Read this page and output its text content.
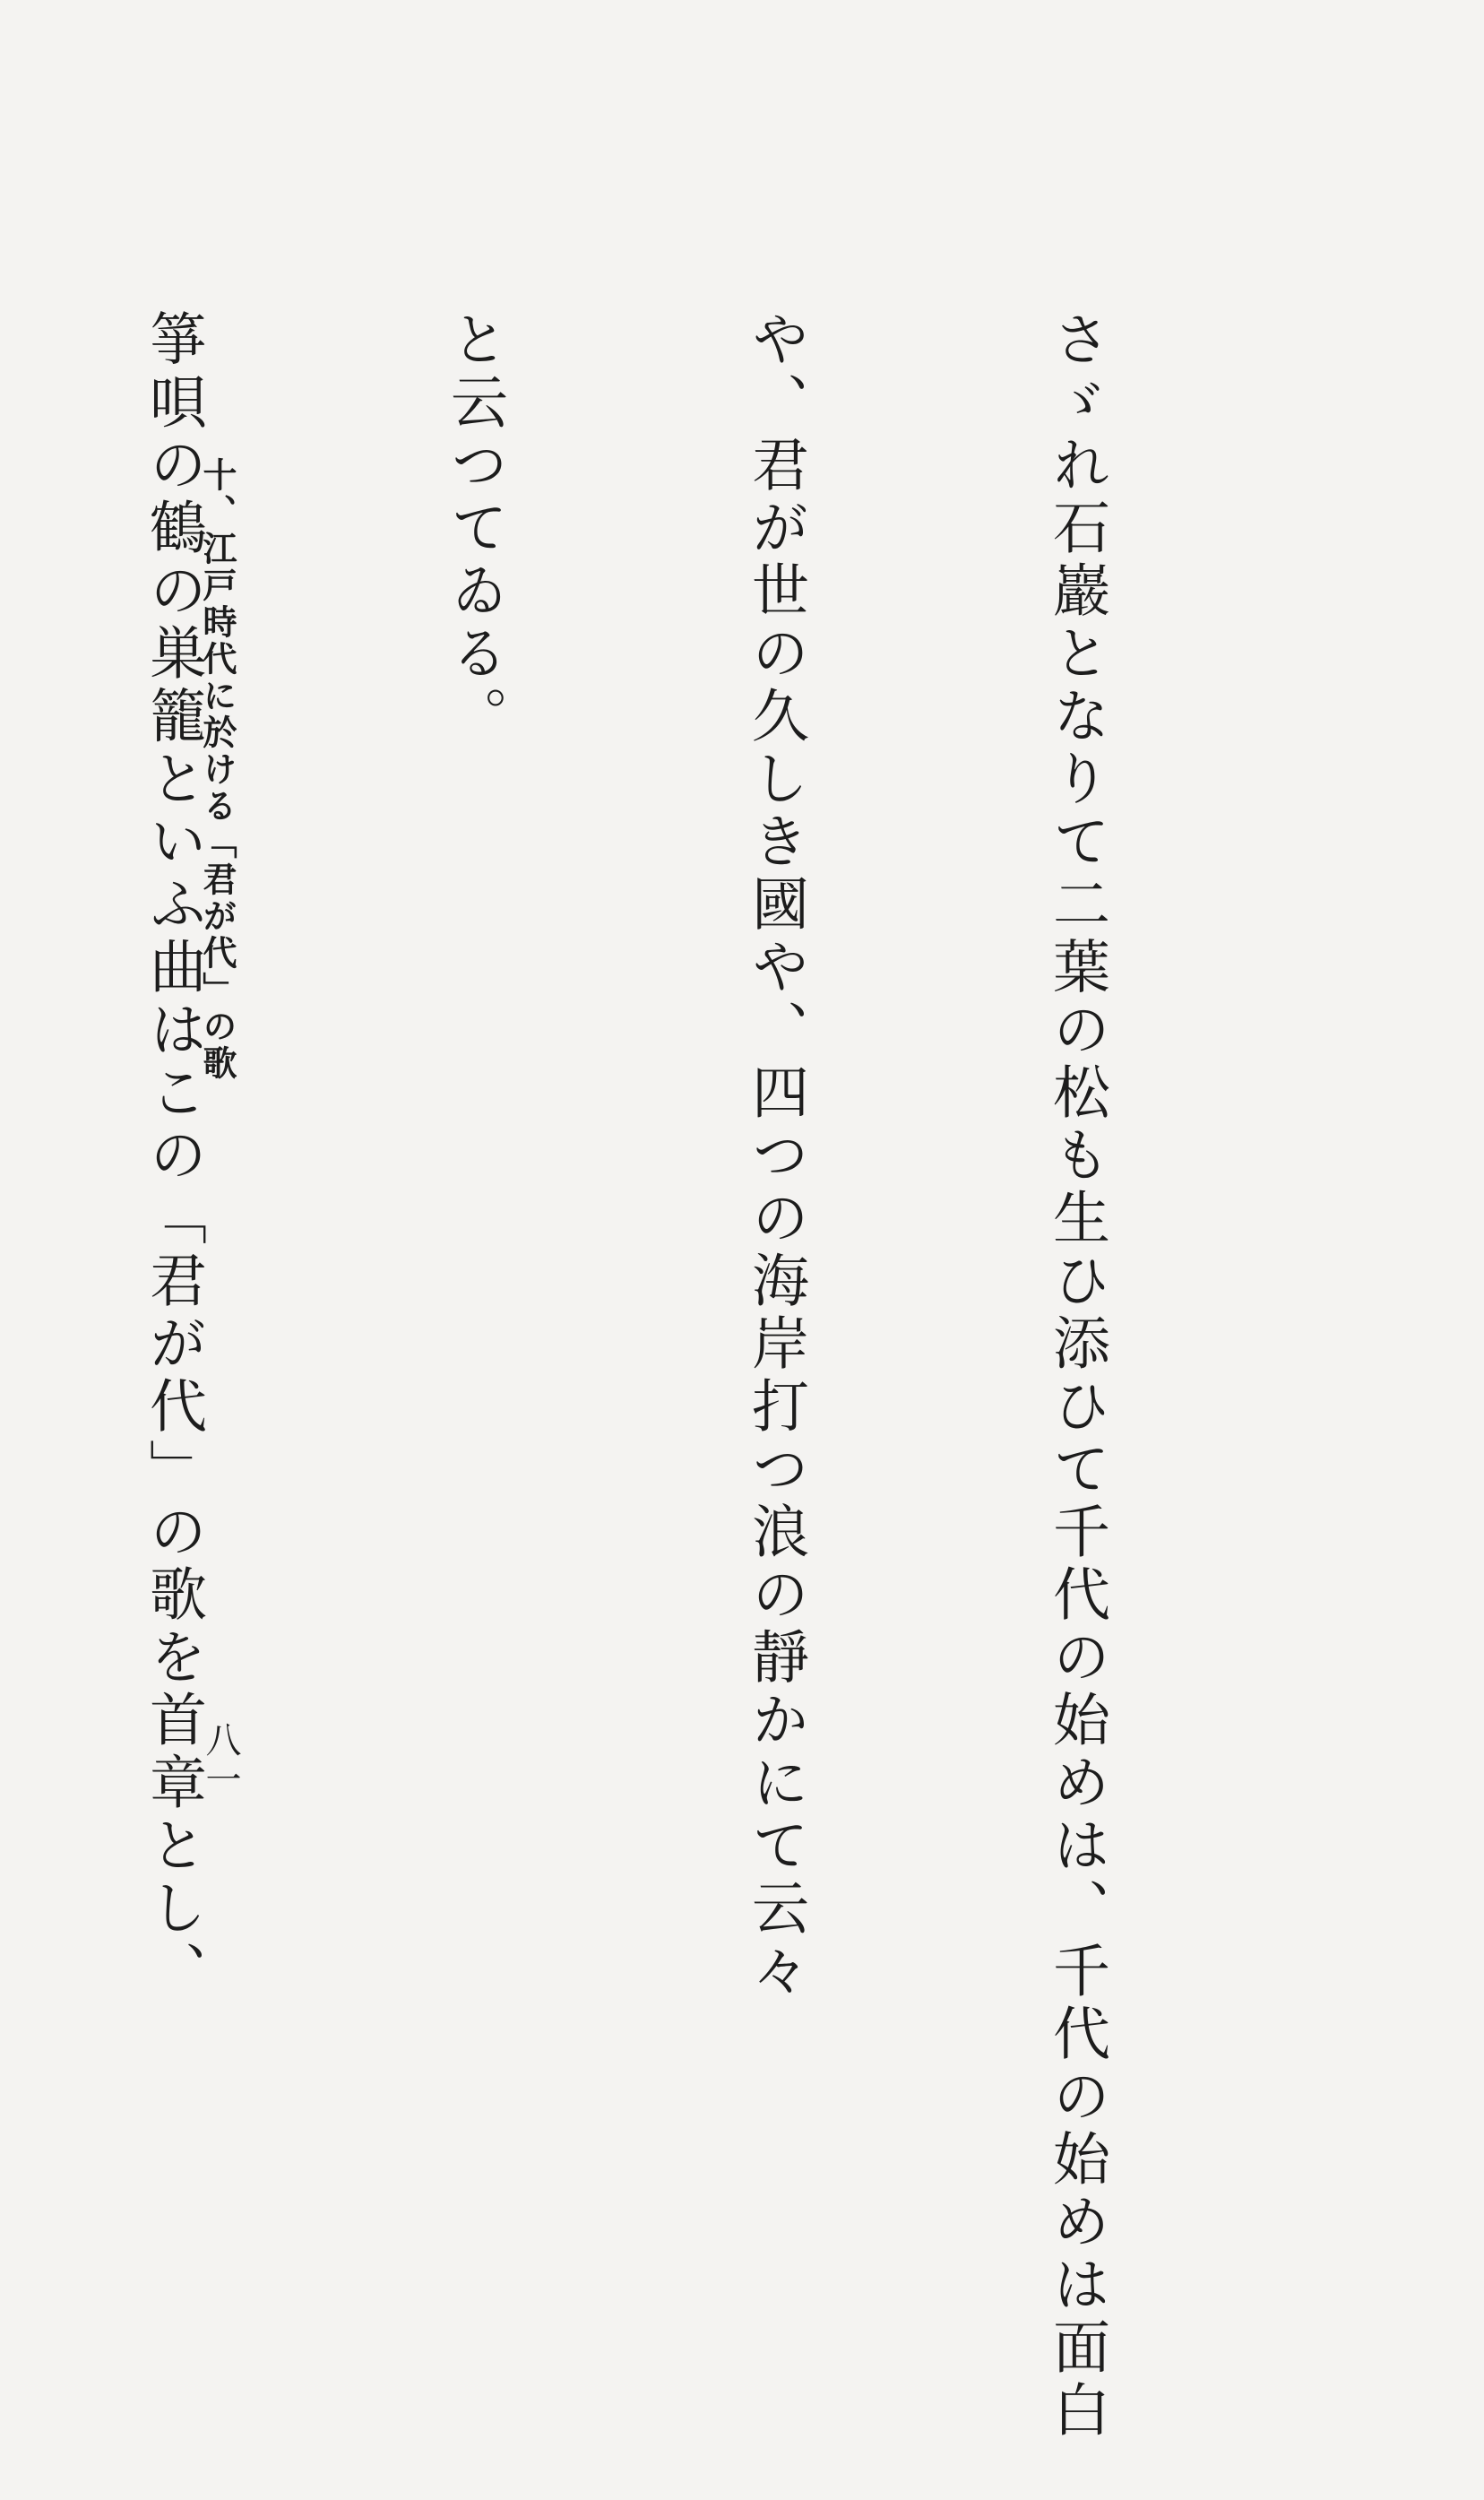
さゞれ石巖となりて二葉の松も生ひ添ひて千代の始めは、千代の始めは面白

や、君が世の久しき國や、四つの海岸打つ浪の靜かにて云々

と云つてゐる。

箏唄の鶴の巣籠といふ曲はこの「君が代」の歌を首章とし、

十、江戸時代に於ける「君が代」の歌
八一
